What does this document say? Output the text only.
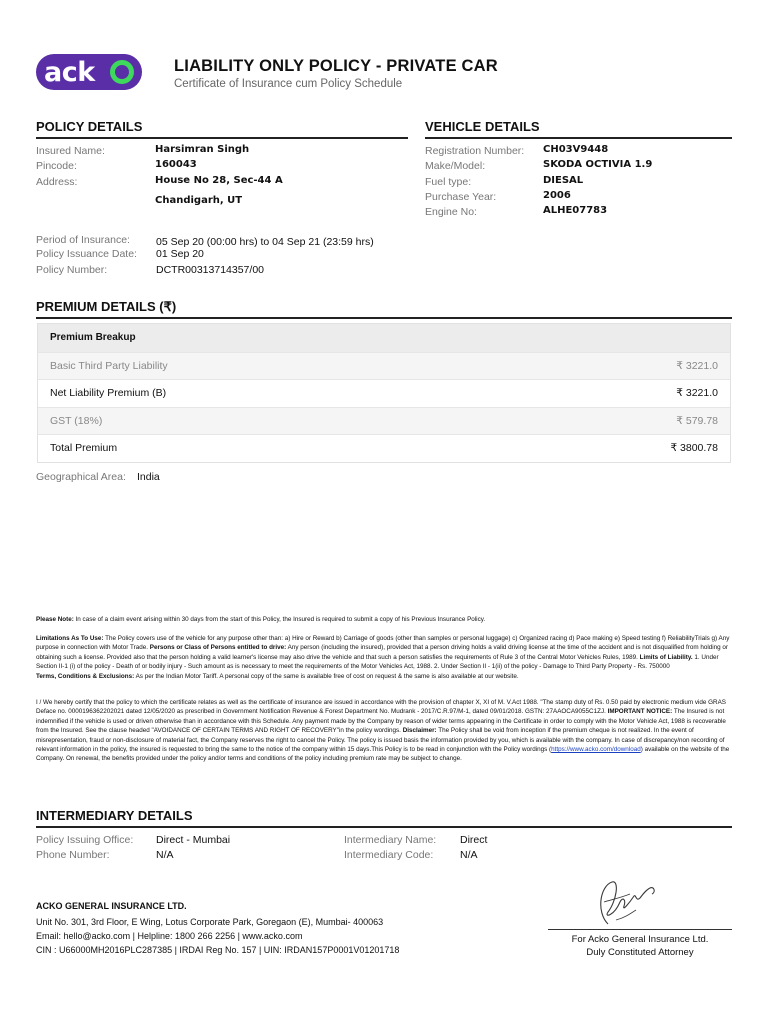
ack	LIABILITY ONLY POLICY - PRIVATE CAR
Certificate of Insurance cum Policy Schedule
POLICY DETAILS
Insured Name:	Harsimran Singh
Pincode:	160043
Address:	House No 28, Sec-44 A
Chandigarh, UT
Period of Insurance: 05 Sep 20 (00:00 hrs) to 04 Sep 21 (23:59 hrs)
Policy Issuance Date: 01 Sep 20
Policy Number:	DCTR00313714357/00
VEHICLE DETAILS
Registration Number: CH03V9448
Make/Model:	SKODA OCTIVIA 1.9
Fuel type:	DIESAL
Purchase Year:	2006
Engine No:	ALHE07783
PREMIUM DETAILS (₹)
Premium Breakup
Basic Third Party Liability	₹ 3221.0
Net Liability Premium (B)	₹ 3221.0
GST (18%)	₹ 579.78
Total Premium	₹ 3800.78
Geographical Area: India
Please Note: In case of a claim event arising within 30 days from the start of this Policy, the Insured is required to submit a copy of his Previous Insurance Policy.
Limitations As To Use: The Policy covers use of the vehicle for any purpose other than: a) Hire or Reward b) Carriage of goods (other than samples or personal luggage) c) Organized racing d) Pace making e) Speed testing f) ReliabilityTrials g) Any purpose in connection with Motor Trade. Persons or Class of Persons entitled to drive: Any person (including the insured), provided that a person driving holds a valid driving license at the time of the accident and is not disqualified from holding or obtaining such a license. Provided also that the person holding a valid learner's license may also drive the vehicle and that such a person satisfies the requirements of Rule 3 of the Central Motor Vehicles Rules, 1989. Limits of Liability. 1. Under Section II-1 (i) of the policy - Death of or bodily injury - Such amount as is necessary to meet the requirements of the Motor Vehicles Act, 1988. 2. Under Section II - 1(ii) of the policy - Damage to Third Party Property - Rs. 750000
Terms, Conditions & Exclusions: As per the Indian Motor Tariff. A personal copy of the same is available free of cost on request & the same is also available at our website.
I / We hereby certify that the policy to which the certificate relates as well as the certificate of insurance are issued in accordance with the provision of chapter X, XI of M. V.Act 1988. "The stamp duty of Rs. 0.50 paid by electronic medium vide GRAS Deface no. 0000196362202021 dated 12/05/2020 as prescribed in Government Notification Revenue & Forest Department No. Mudrank - 2017/C.R.97/M-1, dated 09/01/2018. GSTN: 27AAOCA9055C1ZJ. IMPORTANT NOTICE: The Insured is not indemnified if the vehicle is used or driven otherwise than in accordance with this Schedule. Any payment made by the Company by reason of wider terms appearing in the Certificate in order to comply with the Motor Vehicle Act, 1988 is recoverable from the Insured. See the clause headed "AVOIDANCE OF CERTAIN TERMS AND RIGHT OF RECOVERY"in the policy wordings. Disclaimer: The Policy shall be void from inception if the premium cheque is not realized. In the event of misrepresentation, fraud or non-disclosure of material fact, the Company reserves the right to cancel the Policy. The policy is issued basis the information provided by you, which is available with the company. In case of discrepancy/non recording of relevant information in the policy, the insured is requested to bring the same to the notice of the company within 15 days.This Policy is to be read in conjunction with the Policy wordings (https://www.acko.com/download) available on the website of the Company. On renewal, the benefits provided under the policy and/or terms and conditions of the policy including premium rate may be subject to change.
INTERMEDIARY DETAILS
Policy Issuing Office: Direct - Mumbai
Phone Number:	N/A
Intermediary Name: Direct
Intermediary Code:	N/A
ACKO GENERAL INSURANCE LTD.
Unit No. 301, 3rd Floor, E Wing, Lotus Corporate Park, Goregaon (E), Mumbai- 400063
Email: hello@acko.com | Helpline: 1800 266 2256 | www.acko.com
CIN : U66000MH2016PLC287385 | IRDAI Reg No. 157 | UIN: IRDAN157P0001V01201718
For Acko General Insurance Ltd.
Duly Constituted Attorney
